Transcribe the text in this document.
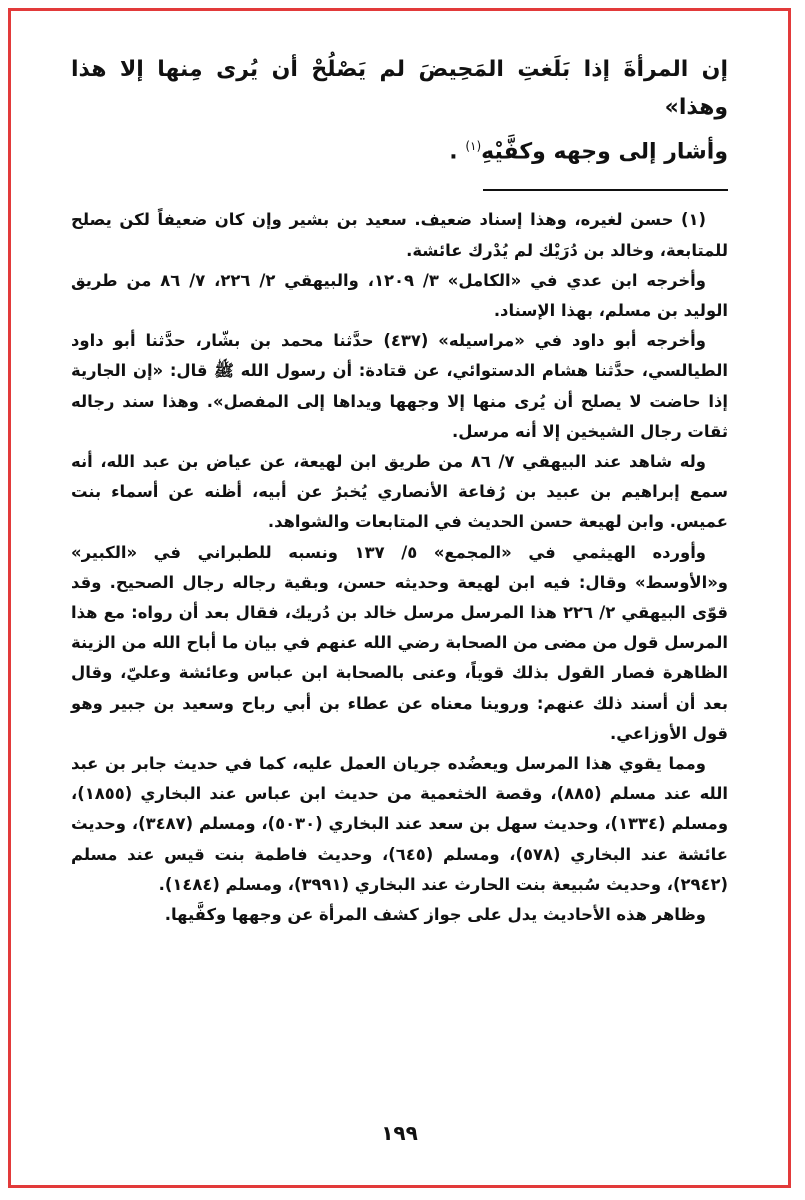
إن المرأةَ إذا بَلَغتِ المَحِيضَ لم يَصْلُحْ أن يُرى مِنها إلا هذا وهذا»

وأشار إلى وجهه وكفَّيْهِ$^{(١)}$ .

(١) حسن لغيره، وهذا إسناد ضعيف. سعيد بن بشير وإن كان ضعيفاً لكن يصلح للمتابعة، وخالد بن دُرَيْك لم يُدْرك عائشة.

وأخرجه ابن عدي في «الكامل» ٣/ ١٢٠٩، والبيهقي ٢/ ٢٢٦، ٧/ ٨٦ من طريق الوليد بن مسلم، بهذا الإسناد.

وأخرجه أبو داود في «مراسيله» (٤٣٧) حدَّثنا محمد بن بشّار، حدَّثنا أبو داود الطيالسي، حدَّثنا هشام الدستوائي، عن قتادة: أن رسول الله ﷺ قال: «إن الجارية إذا حاضت لا يصلح أن يُرى منها إلا وجهها ويداها إلى المفصل». وهذا سند رجاله ثقات رجال الشيخين إلا أنه مرسل.

وله شاهد عند البيهقي ٧/ ٨٦ من طريق ابن لهيعة، عن عياض بن عبد الله، أنه سمع إبراهيم بن عبيد بن رُفاعة الأنصاري يُخبرُ عن أبيه، أظنه عن أسماء بنت عميس. وابن لهيعة حسن الحديث في المتابعات والشواهد.

وأورده الهيثمي في «المجمع» ٥/ ١٣٧ ونسبه للطبراني في «الكبير» و«الأوسط» وقال: فيه ابن لهيعة وحديثه حسن، وبقية رجاله رجال الصحيح. وقد قوّى البيهقي ٢/ ٢٢٦ هذا المرسل مرسل خالد بن دُريك، فقال بعد أن رواه: مع هذا المرسل قول من مضى من الصحابة رضي الله عنهم في بيان ما أباح الله من الزينة الظاهرة فصار القول بذلك قوياً، وعنى بالصحابة ابن عباس وعائشة وعليّ، وقال بعد أن أسند ذلك عنهم: وروينا معناه عن عطاء بن أبي رباح وسعيد بن جبير وهو قول الأوزاعي.

ومما يقوي هذا المرسل ويعضُده جريان العمل عليه، كما في حديث جابر بن عبد الله عند مسلم (٨٨٥)، وقصة الخثعمية من حديث ابن عباس عند البخاري (١٨٥٥)، ومسلم (١٣٣٤)، وحديث سهل بن سعد عند البخاري (٥٠٣٠)، ومسلم (٣٤٨٧)، وحديث عائشة عند البخاري (٥٧٨)، ومسلم (٦٤٥)، وحديث فاطمة بنت قيس عند مسلم (٢٩٤٢)، وحديث سُبيعة بنت الحارث عند البخاري (٣٩٩١)، ومسلم (١٤٨٤).

وظاهر هذه الأحاديث يدل على جواز كشف المرأة عن وجهها وكفَّيها.

١٩٩
